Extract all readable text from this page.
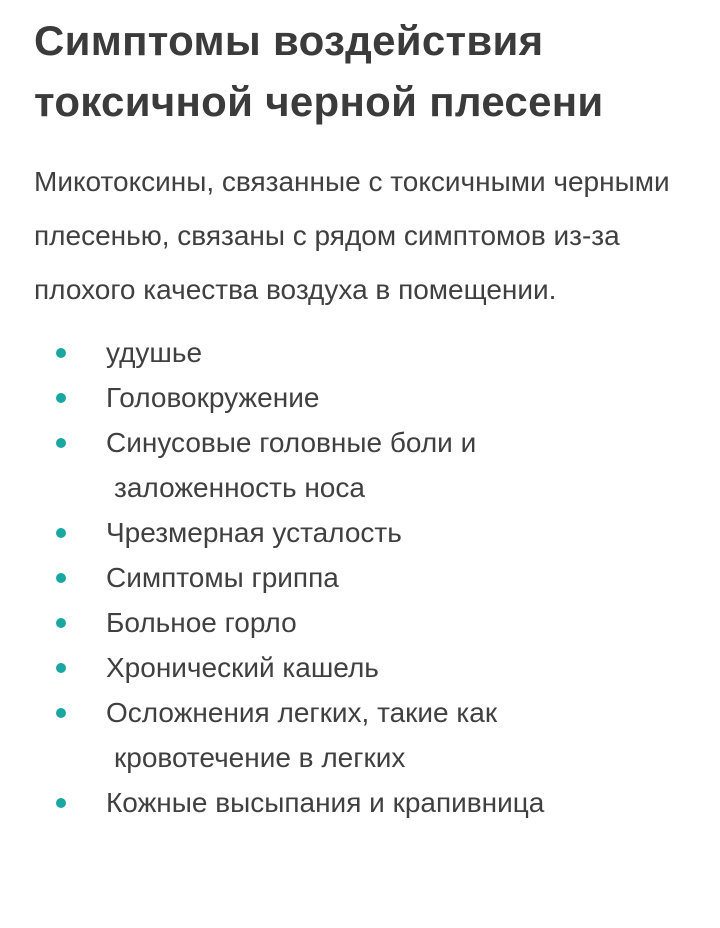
Симптомы воздействия токсичной черной плесени

Микотоксины, связанные с токсичными черными плесенью, связаны с рядом симптомов из-за плохого качества воздуха в помещении.

удушье
Головокружение
Синусовые головные боли и
заложенность носа
Чрезмерная усталость
Симптомы гриппа
Больное горло
Хронический кашель
Осложнения легких, такие как
кровотечение в легких
Кожные высыпания и крапивница
